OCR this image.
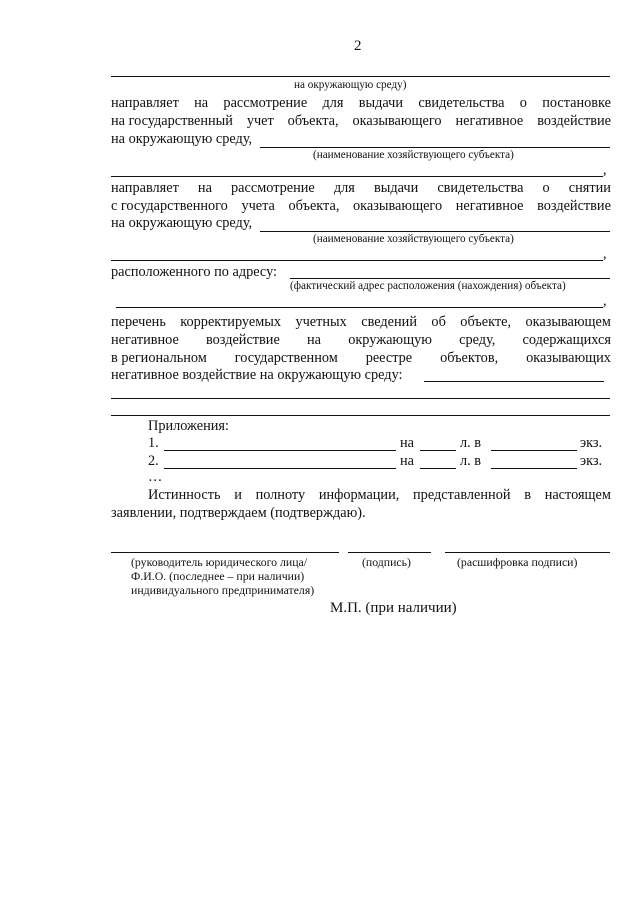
2
на окружающую среду)
направляет на рассмотрение для выдачи свидетельства о постановке
на государственный учет объекта, оказывающего негативное воздействие
на окружающую среду,
(наименование хозяйствующего субъекта)
,
направляет на рассмотрение для выдачи свидетельства о снятии
с государственного учета объекта, оказывающего негативное воздействие
на окружающую среду,
(наименование хозяйствующего субъекта)
,
расположенного по адресу:
(фактический адрес расположения (нахождения) объекта)
,
перечень корректируемых учетных сведений об объекте, оказывающем
негативное воздействие на окружающую среду, содержащихся
в региональном государственном реестре объектов, оказывающих
негативное воздействие на окружающую среду:
Приложения:
1.	на	л. в	экз.
2.	на	л. в	экз.
…
Истинность и полноту информации, представленной в настоящем
заявлении, подтверждаем (подтверждаю).
(руководитель юридического лица/	(подпись)	(расшифровка подписи)
Ф.И.О. (последнее – при наличии)
индивидуального предпринимателя)
М.П. (при наличии)
